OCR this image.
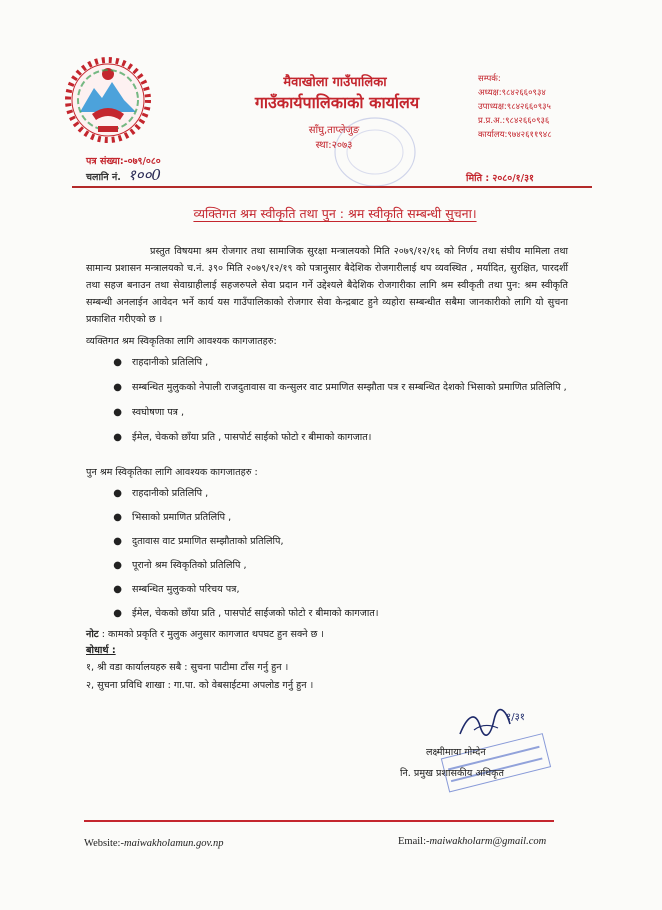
मैवाखोला गाउँपालिका
गाउँकार्यपालिकाको कार्यालय
साँघु,ताप्लेजुङ
स्था:२०७३
सम्पर्क:
अध्यक्ष:९८४२६६०९३४
उपाध्यक्ष:९८४२६६०९३५
प्र.प्र.अ.:९८४२६६०९३६
कार्यालय:९७४२६११९४८
पत्र संख्या:-०७९/०८०
चलानि नं. १००0	मिति : २०८०/१/३१
व्यक्तिगत श्रम स्वीकृति तथा पुन : श्रम स्वीकृति सम्बन्धी सुचना।
प्रस्तुत विषयमा श्रम रोजगार तथा सामाजिक सुरक्षा मन्त्रालयको मिति २०७९/१२/१६ को निर्णय तथा संघीय मामिला तथा सामान्य प्रशासन मन्त्रालयको च.नं. ३९० मिति २०७९/१२/१९ को पत्रानुसार बैदेशिक रोजगारीलाई थप व्यवस्थित , मर्यादित, सुरक्षित, पारदर्शी तथा सहज बनाउन तथा सेवाग्राहीलाई सहजरुपले सेवा प्रदान गर्ने उद्देश्यले बैदेशिक रोजगारीका लागि श्रम स्वीकृती तथा पुन: श्रम स्वीकृति सम्बन्धी अनलाईन आवेदन भर्ने कार्य यस गाउँपालिकाको रोजगार सेवा केन्द्रबाट हुने व्यहोरा सम्बन्धीत सबैमा जानकारीको लागि यो सुचना प्रकाशित गरीएको छ ।
व्यक्तिगत श्रम स्विकृतिका लागि आवश्यक कागजातहरु:
●	राहदानीको प्रतिलिपि ,
●	सम्बन्धित मुलुकको नेपाली राजदुतावास वा कन्सुलर वाट प्रमाणित सम्झौता पत्र र सम्बन्धित देशको भिसाको प्रमाणित प्रतिलिपि ,
●	स्वघोषणा पत्र ,
●	ईमेल, चेकको छाँया प्रति , पासपोर्ट साईको फोटो र बीमाको कागजात।
पुन श्रम स्विकृतिका लागि आवश्यक कागजातहरु :
●	राहदानीको प्रतिलिपि ,
●	भिसाको प्रमाणित प्रतिलिपि ,
●	दुतावास वाट प्रमाणित सम्झौताको प्रतिलिपि,
●	पूरानो श्रम स्विकृतिको प्रतिलिपि ,
●	सम्बन्धित मुलुकको परिचय पत्र,
●	ईमेल, चेकको छाँया प्रति , पासपोर्ट साईजको फोटो र बीमाको कागजात।
नोट : कामको प्रकृति र मुलुक अनुसार कागजात थपघट हुन सक्ने छ ।
बोधार्थ :
१, श्री वडा कार्यालयहरु सबै : सुचना पाटीमा टाँस गर्नु हुन ।
२, सुचना प्रविधि शाखा : गा.पा. को वेबसाईटमा अपलोड गर्नु हुन ।
१/३१
लक्ष्मीमाया गोम्देन
नि. प्रमुख प्रशासकीय अधिकृत
Website:-maiwakholamun.gov.np	Email:-maiwakholarm@gmail.com
